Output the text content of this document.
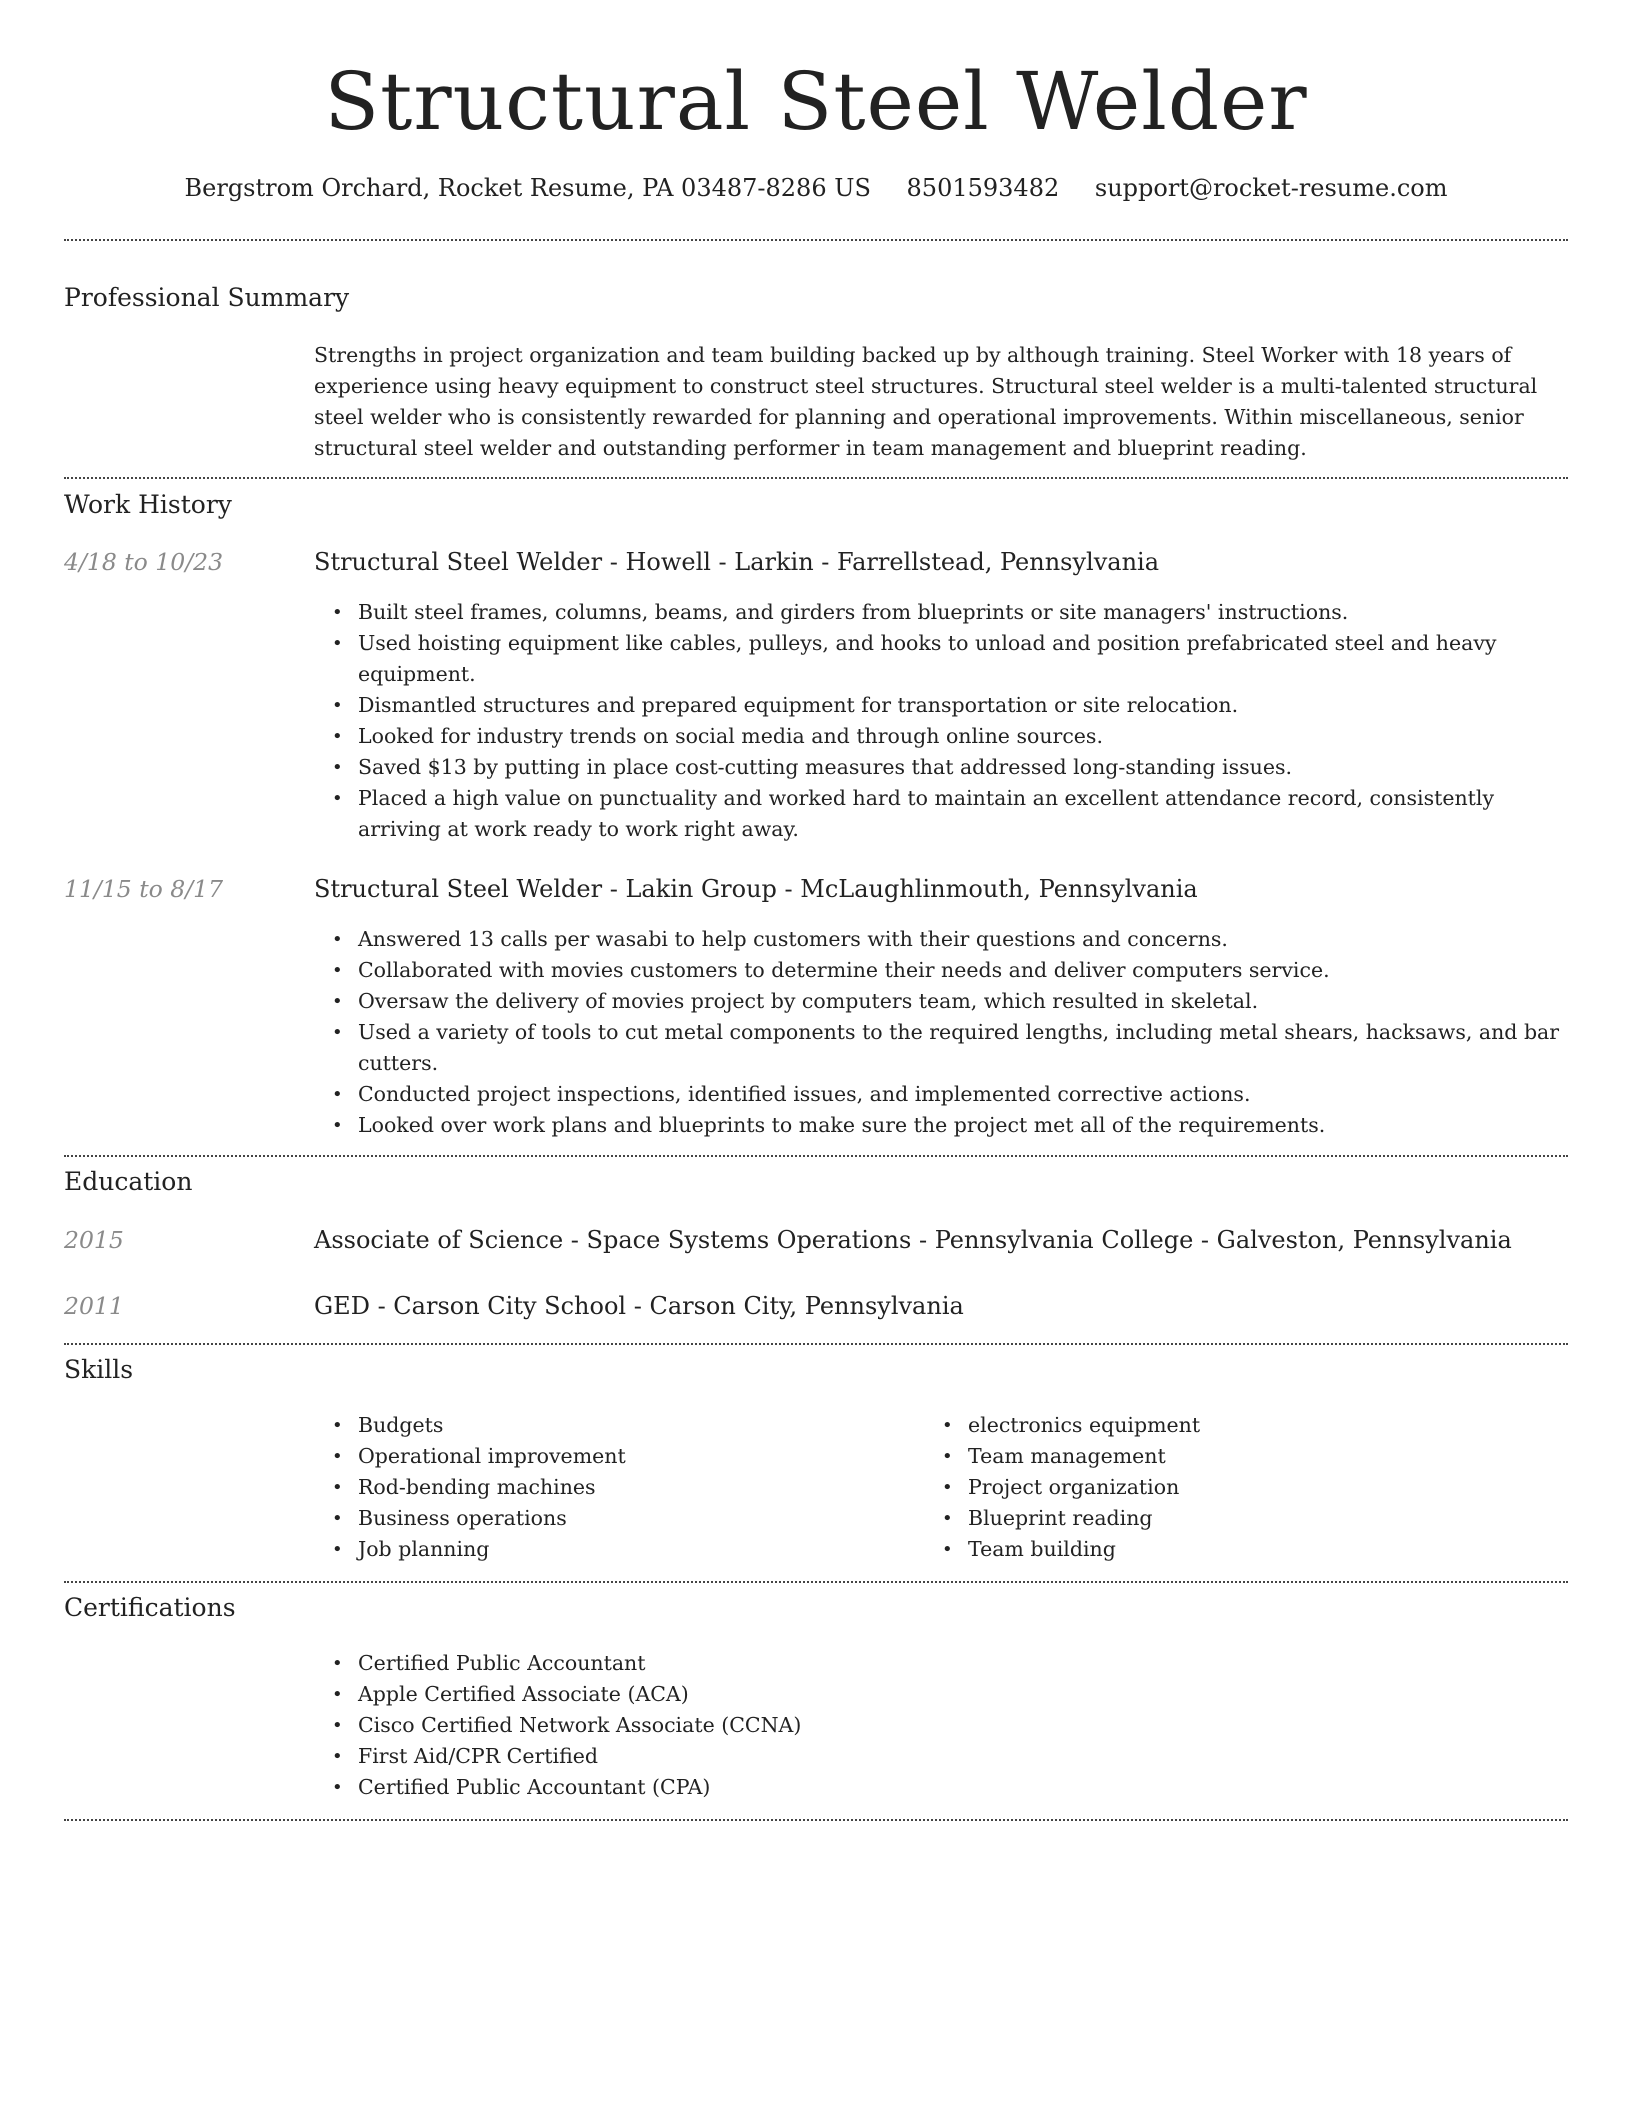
Structural Steel Welder
Bergstrom Orchard, Rocket Resume, PA 03487-8286 US 8501593482 support@rocket-resume.com
Professional Summary

Strengths in project organization and team building backed up by although training. Steel Worker with 18 years of experience using heavy equipment to construct steel structures. Structural steel welder is a multi-talented structural steel welder who is consistently rewarded for planning and operational improvements. Within miscellaneous, senior structural steel welder and outstanding performer in team management and blueprint reading.

Work History
4/18 to 10/23	Structural Steel Welder - Howell - Larkin - Farrellstead, Pennsylvania
• Built steel frames, columns, beams, and girders from blueprints or site managers' instructions.
• Used hoisting equipment like cables, pulleys, and hooks to unload and position prefabricated steel and heavy equipment.
• Dismantled structures and prepared equipment for transportation or site relocation.
• Looked for industry trends on social media and through online sources.
• Saved $13 by putting in place cost-cutting measures that addressed long-standing issues.
• Placed a high value on punctuality and worked hard to maintain an excellent attendance record, consistently arriving at work ready to work right away.
11/15 to 8/17	Structural Steel Welder - Lakin Group - McLaughlinmouth, Pennsylvania
• Answered 13 calls per wasabi to help customers with their questions and concerns.
• Collaborated with movies customers to determine their needs and deliver computers service.
• Oversaw the delivery of movies project by computers team, which resulted in skeletal.
• Used a variety of tools to cut metal components to the required lengths, including metal shears, hacksaws, and bar cutters.
• Conducted project inspections, identified issues, and implemented corrective actions.
• Looked over work plans and blueprints to make sure the project met all of the requirements.
Education
2015	Associate of Science - Space Systems Operations - Pennsylvania College - Galveston, Pennsylvania
2011	GED - Carson City School - Carson City, Pennsylvania
Skills
• Budgets
• Operational improvement
• Rod-bending machines
• Business operations
• Job planning
• electronics equipment
• Team management
• Project organization
• Blueprint reading
• Team building
Certifications
• Certified Public Accountant
• Apple Certified Associate (ACA)
• Cisco Certified Network Associate (CCNA)
• First Aid/CPR Certified
• Certified Public Accountant (CPA)
